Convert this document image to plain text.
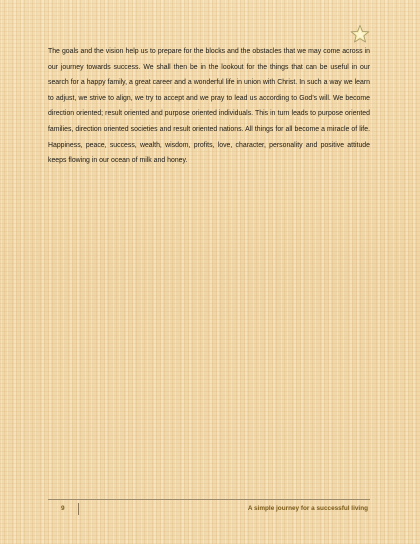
The goals and the vision help us to prepare for the blocks and the obstacles that we may come across in our journey towards success. We shall then be in the lookout for the things that can be useful in our search for a happy family, a great career and a wonderful life in union with Christ. In such a way we learn to adjust, we strive to align, we try to accept and we pray to lead us according to God’s will. We become direction oriented; result oriented and purpose oriented individuals. This in turn leads to purpose oriented families, direction oriented societies and result oriented nations. All things for all become a miracle of life. Happiness, peace, success, wealth, wisdom, profits, love, character, personality and positive attitude keeps flowing in our ocean of milk and honey.

9	A simple journey for a successful living
